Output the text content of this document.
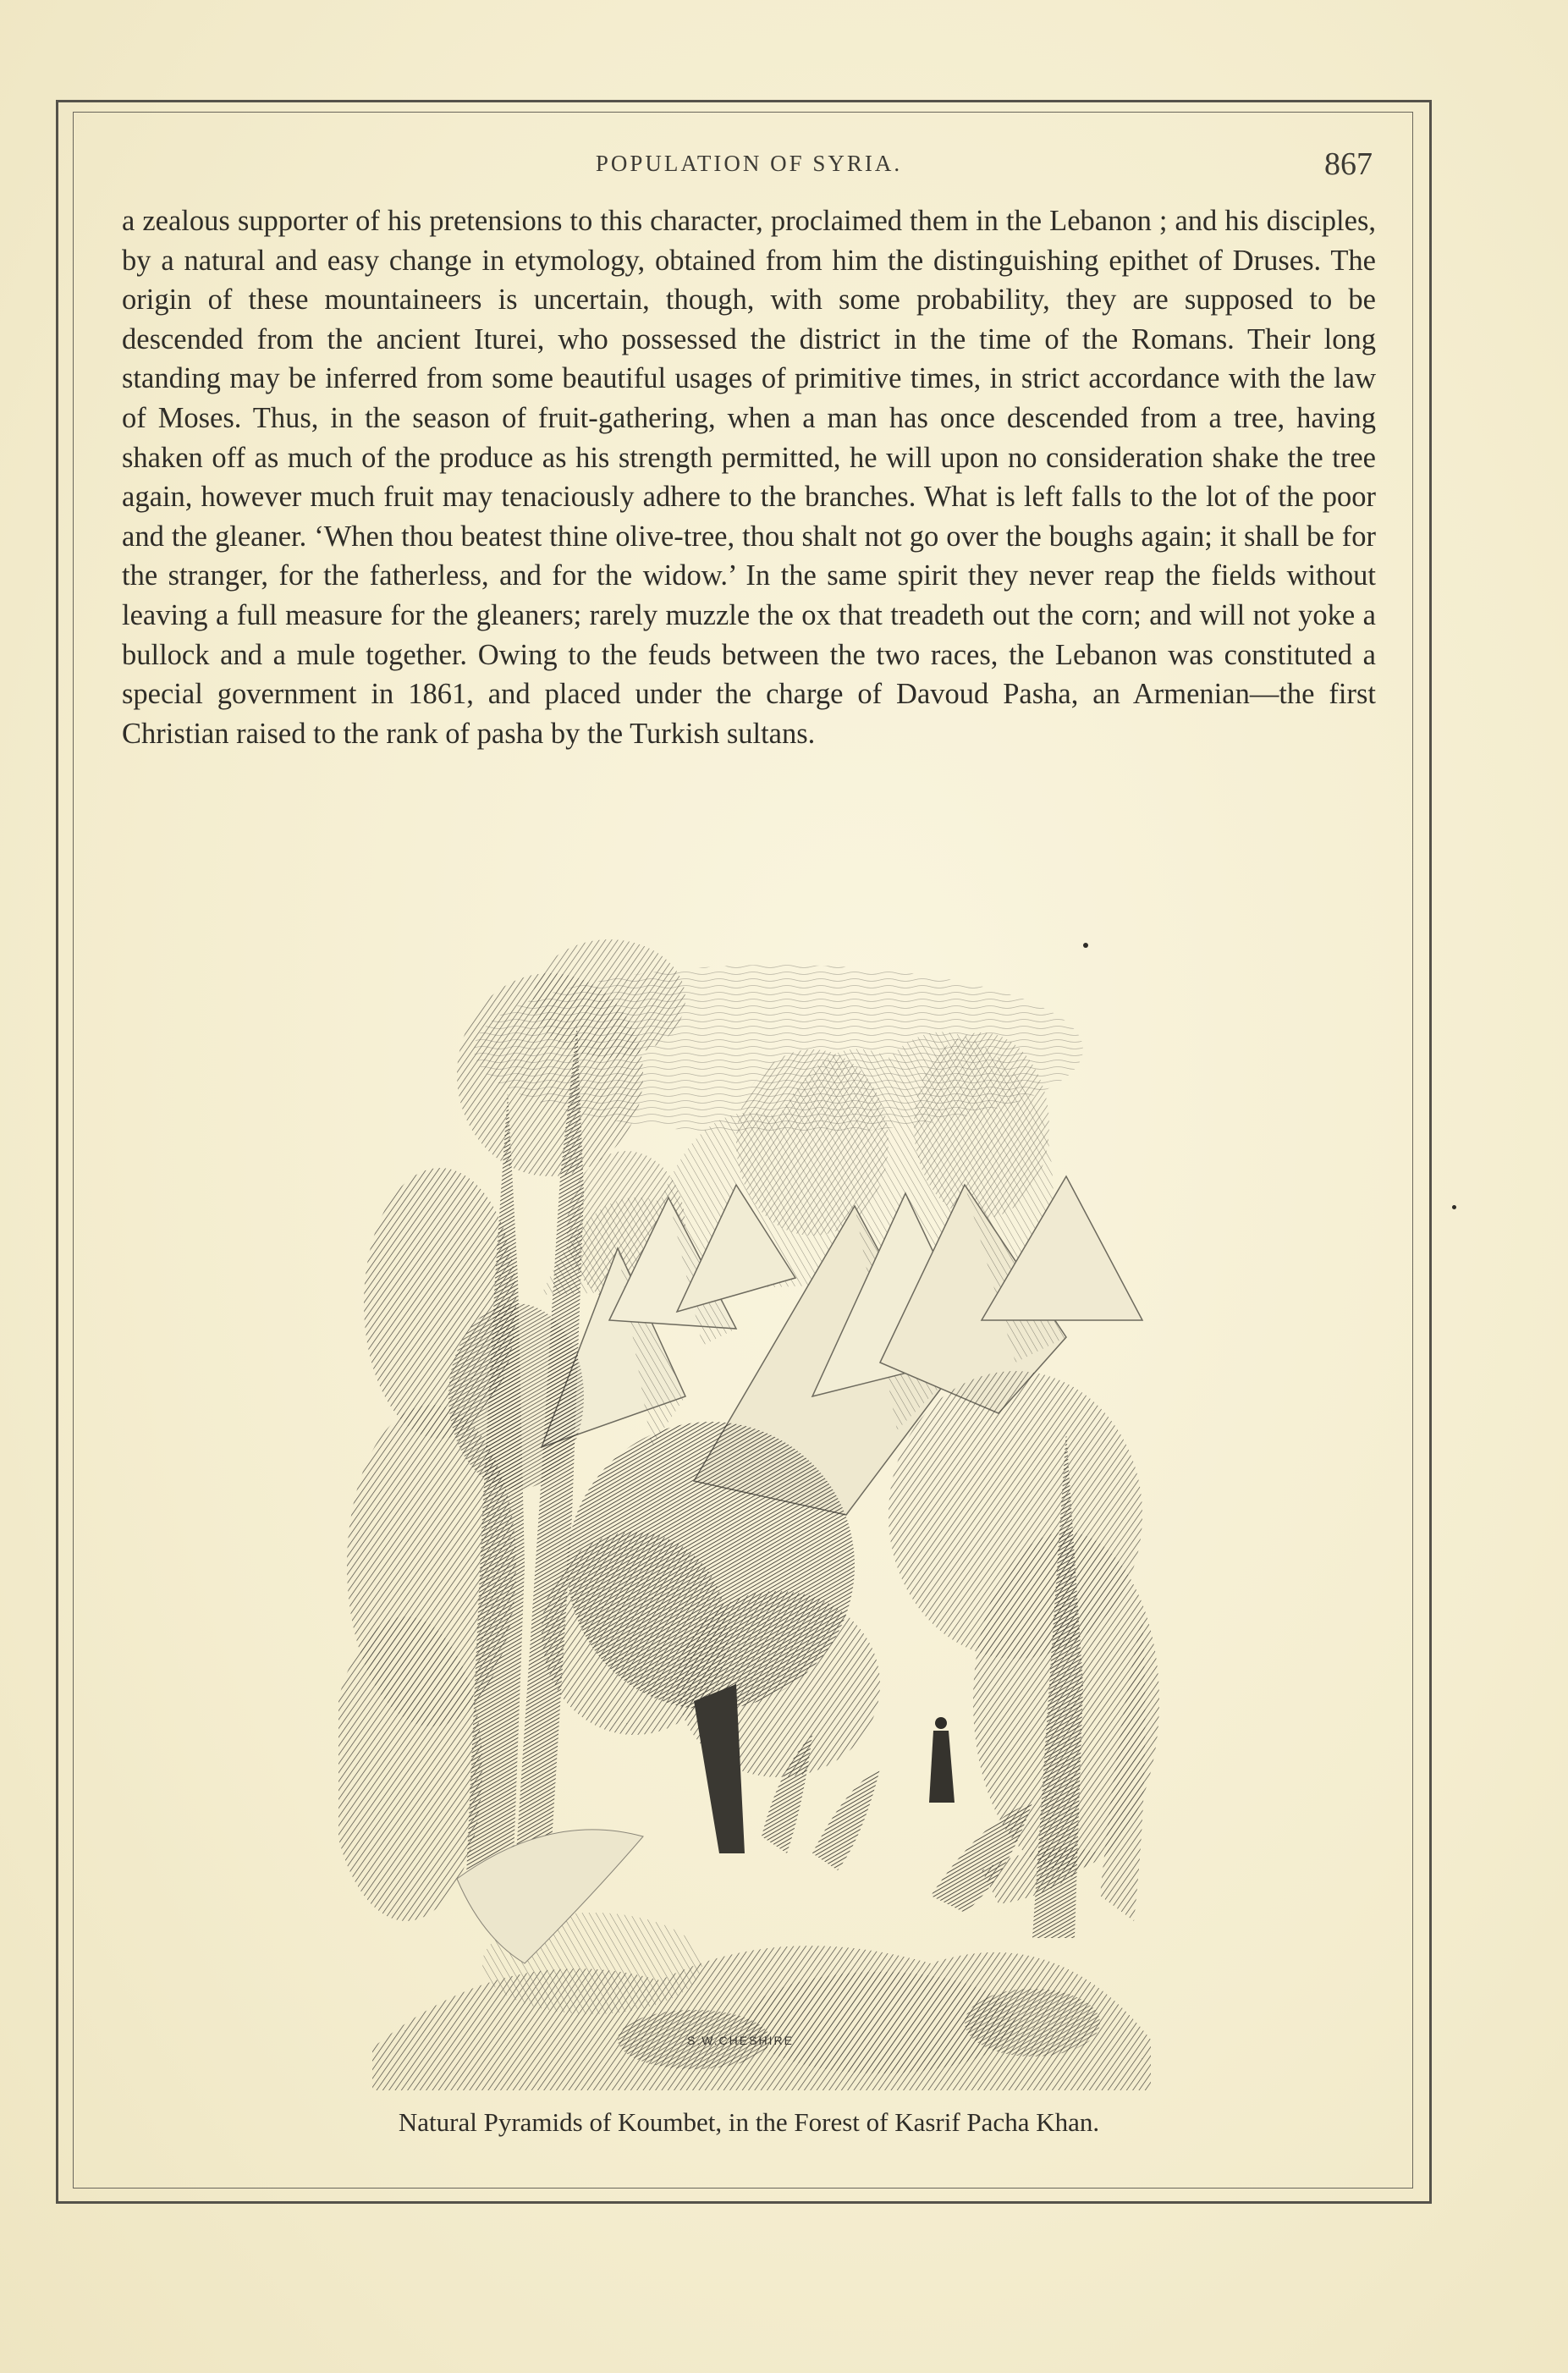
POPULATION OF SYRIA.	867

a zealous supporter of his pretensions to this character, proclaimed them in the Lebanon ; and his disciples, by a natural and easy change in etymology, obtained from him the distinguishing epithet of Druses. The origin of these mountaineers is uncertain, though, with some probability, they are supposed to be descended from the ancient Iturei, who possessed the district in the time of the Romans. Their long standing may be inferred from some beautiful usages of primitive times, in strict accordance with the law of Moses. Thus, in the season of fruit-gathering, when a man has once descended from a tree, having shaken off as much of the produce as his strength permitted, he will upon no consideration shake the tree again, however much fruit may tenaciously adhere to the branches. What is left falls to the lot of the poor and the gleaner. ‘When thou beatest thine olive-tree, thou shalt not go over the boughs again; it shall be for the stranger, for the fatherless, and for the widow.’ In the same spirit they never reap the fields without leaving a full measure for the gleaners; rarely muzzle the ox that treadeth out the corn; and will not yoke a bullock and a mule together. Owing to the feuds between the two races, the Lebanon was constituted a special government in 1861, and placed under the charge of Davoud Pasha, an Armenian—the first Christian raised to the rank of pasha by the Turkish sultans.

S.W.CHESHIRE
Natural Pyramids of Koumbet, in the Forest of Kasrif Pacha Khan.
